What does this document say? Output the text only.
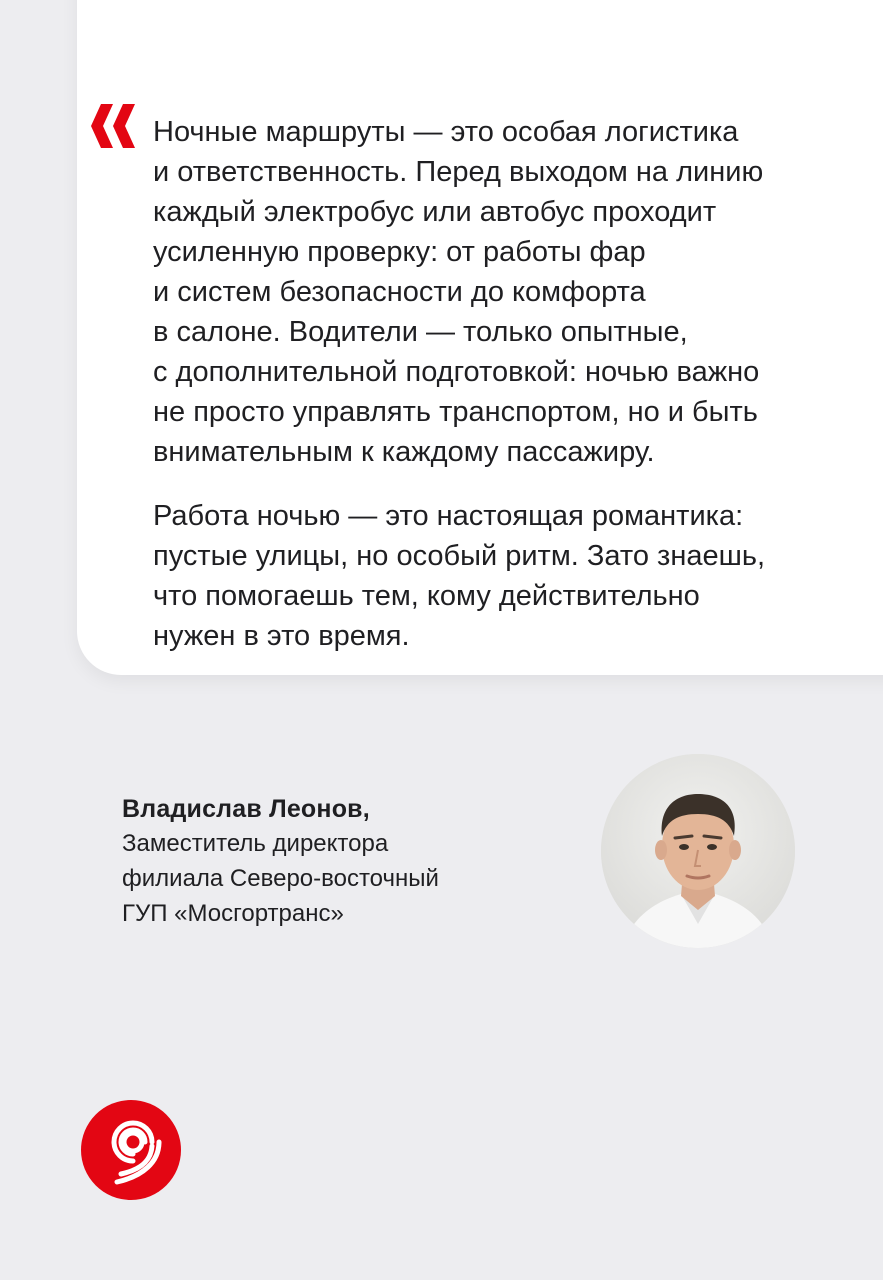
Ночные маршруты — это особая логистика
и ответственность. Перед выходом на линию
каждый электробус или автобус проходит
усиленную проверку: от работы фар
и систем безопасности до комфорта
в салоне. Водители — только опытные,
с дополнительной подготовкой: ночью важно
не просто управлять транспортом, но и быть
внимательным к каждому пассажиру.

Работа ночью — это настоящая романтика:
пустые улицы, но особый ритм. Зато знаешь,
что помогаешь тем, кому действительно
нужен в это время.

Владислав Леонов,
Заместитель директора
филиала Северо-восточный
ГУП «Мосгортранс»
